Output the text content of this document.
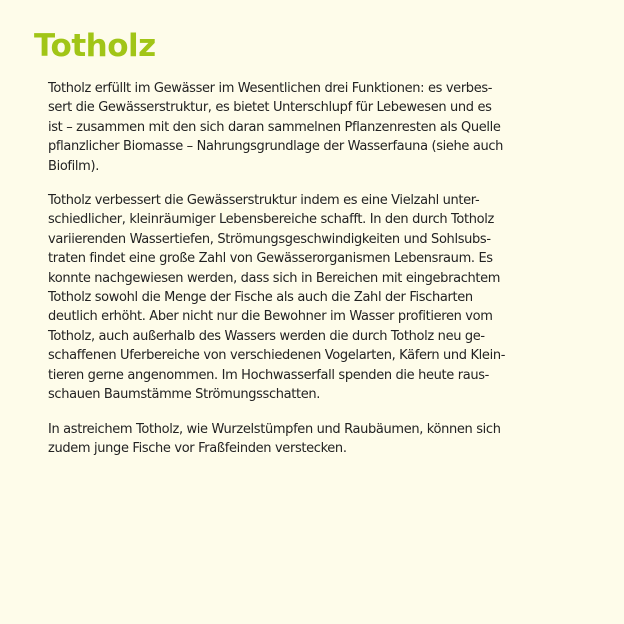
Totholz

Totholz erfüllt im Gewässer im Wesentlichen drei Funktionen: es verbes-
sert die Gewässerstruktur, es bietet Unterschlupf für Lebewesen und es
ist – zusammen mit den sich daran sammelnen Pflanzenresten als Quelle
pflanzlicher Biomasse – Nahrungsgrundlage der Wasserfauna (siehe auch
Biofilm).

Totholz verbessert die Gewässerstruktur indem es eine Vielzahl unter-
schiedlicher, kleinräumiger Lebensbereiche schafft. In den durch Totholz
variierenden Wassertiefen, Strömungsgeschwindigkeiten und Sohlsubs-
traten findet eine große Zahl von Gewässerorganismen Lebensraum. Es
konnte nachgewiesen werden, dass sich in Bereichen mit eingebrachtem
Totholz sowohl die Menge der Fische als auch die Zahl der Fischarten
deutlich erhöht. Aber nicht nur die Bewohner im Wasser profitieren vom
Totholz, auch außerhalb des Wassers werden die durch Totholz neu ge-
schaffenen Uferbereiche von verschiedenen Vogelarten, Käfern und Klein-
tieren gerne angenommen. Im Hochwasserfall spenden die heute raus-
schauen Baumstämme Strömungsschatten.

In astreichem Totholz, wie Wurzelstümpfen und Raubäumen, können sich
zudem junge Fische vor Fraßfeinden verstecken.
